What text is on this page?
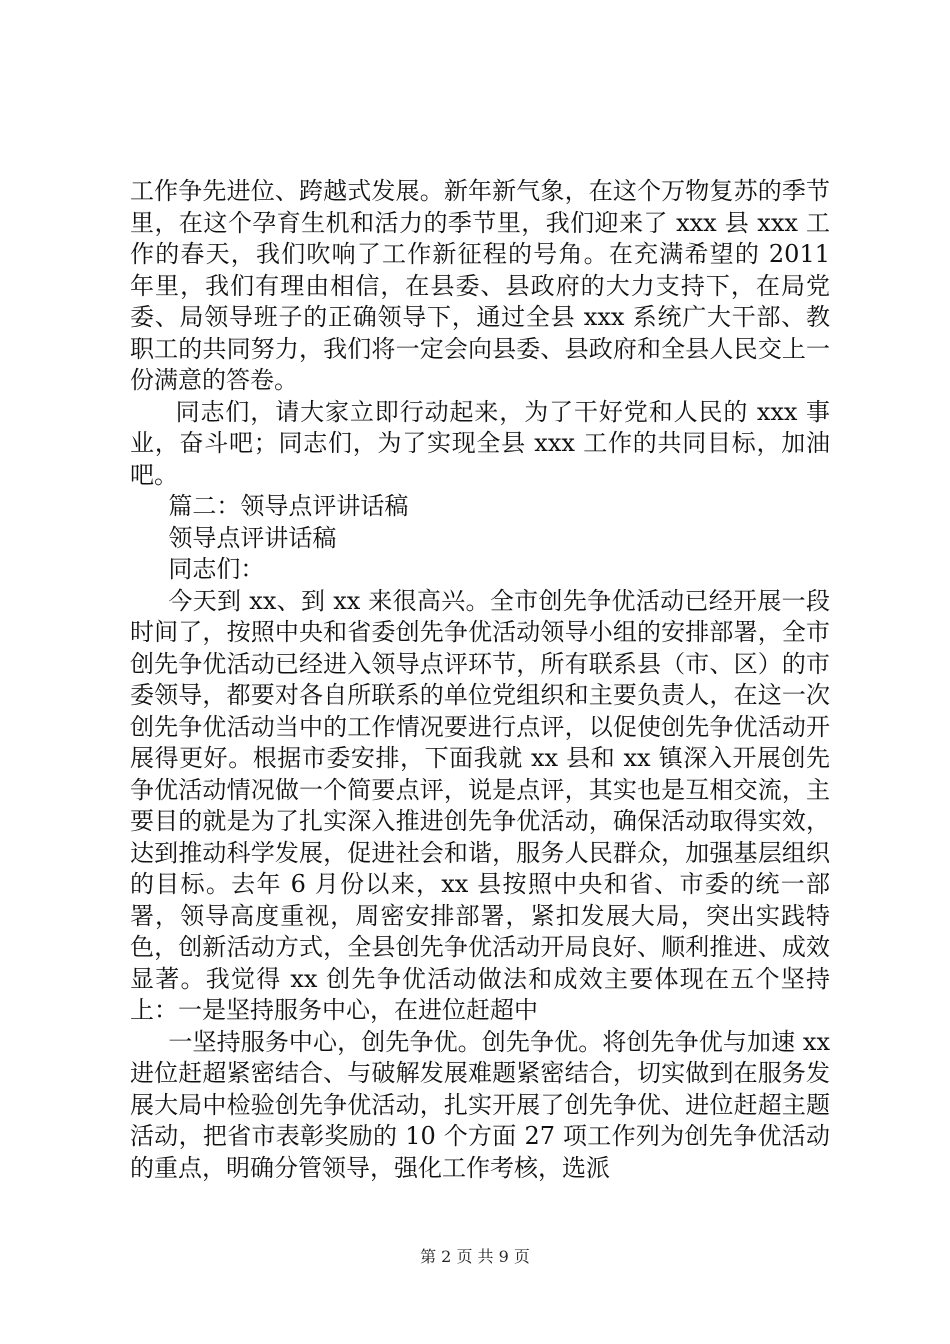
工作争先进位、跨越式发展。新年新气象，在这个万物复苏的季节里，在这个孕育生机和活力的季节里，我们迎来了 xxx 县 xxx 工作的春天，我们吹响了工作新征程的号角。在充满希望的 2011 年里，我们有理由相信，在县委、县政府的大力支持下，在局党委、局领导班子的正确领导下，通过全县 xxx 系统广大干部、教职工的共同努力，我们将一定会向县委、县政府和全县人民交上一份满意的答卷。

同志们，请大家立即行动起来，为了干好党和人民的 xxx 事业，奋斗吧；同志们，为了实现全县 xxx 工作的共同目标，加油吧。

篇二：领导点评讲话稿

领导点评讲话稿

同志们：

今天到 xx、到 xx 来很高兴。全市创先争优活动已经开展一段时间了，按照中央和省委创先争优活动领导小组的安排部署，全市创先争优活动已经进入领导点评环节，所有联系县（市、区）的市委领导，都要对各自所联系的单位党组织和主要负责人，在这一次创先争优活动当中的工作情况要进行点评，以促使创先争优活动开展得更好。根据市委安排，下面我就 xx 县和 xx 镇深入开展创先争优活动情况做一个简要点评，说是点评，其实也是互相交流，主要目的就是为了扎实深入推进创先争优活动，确保活动取得实效，达到推动科学发展，促进社会和谐，服务人民群众，加强基层组织的目标。去年 6 月份以来，xx 县按照中央和省、市委的统一部署，领导高度重视，周密安排部署，紧扣发展大局，突出实践特色，创新活动方式，全县创先争优活动开局良好、顺利推进、成效显著。我觉得 xx 创先争优活动做法和成效主要体现在五个坚持上：一是坚持服务中心，在进位赶超中

一坚持服务中心，创先争优。创先争优。将创先争优与加速 xx 进位赶超紧密结合、与破解发展难题紧密结合，切实做到在服务发展大局中检验创先争优活动，扎实开展了创先争优、进位赶超主题活动，把省市表彰奖励的 10 个方面 27 项工作列为创先争优活动的重点，明确分管领导，强化工作考核，选派

第 2 页 共 9 页
